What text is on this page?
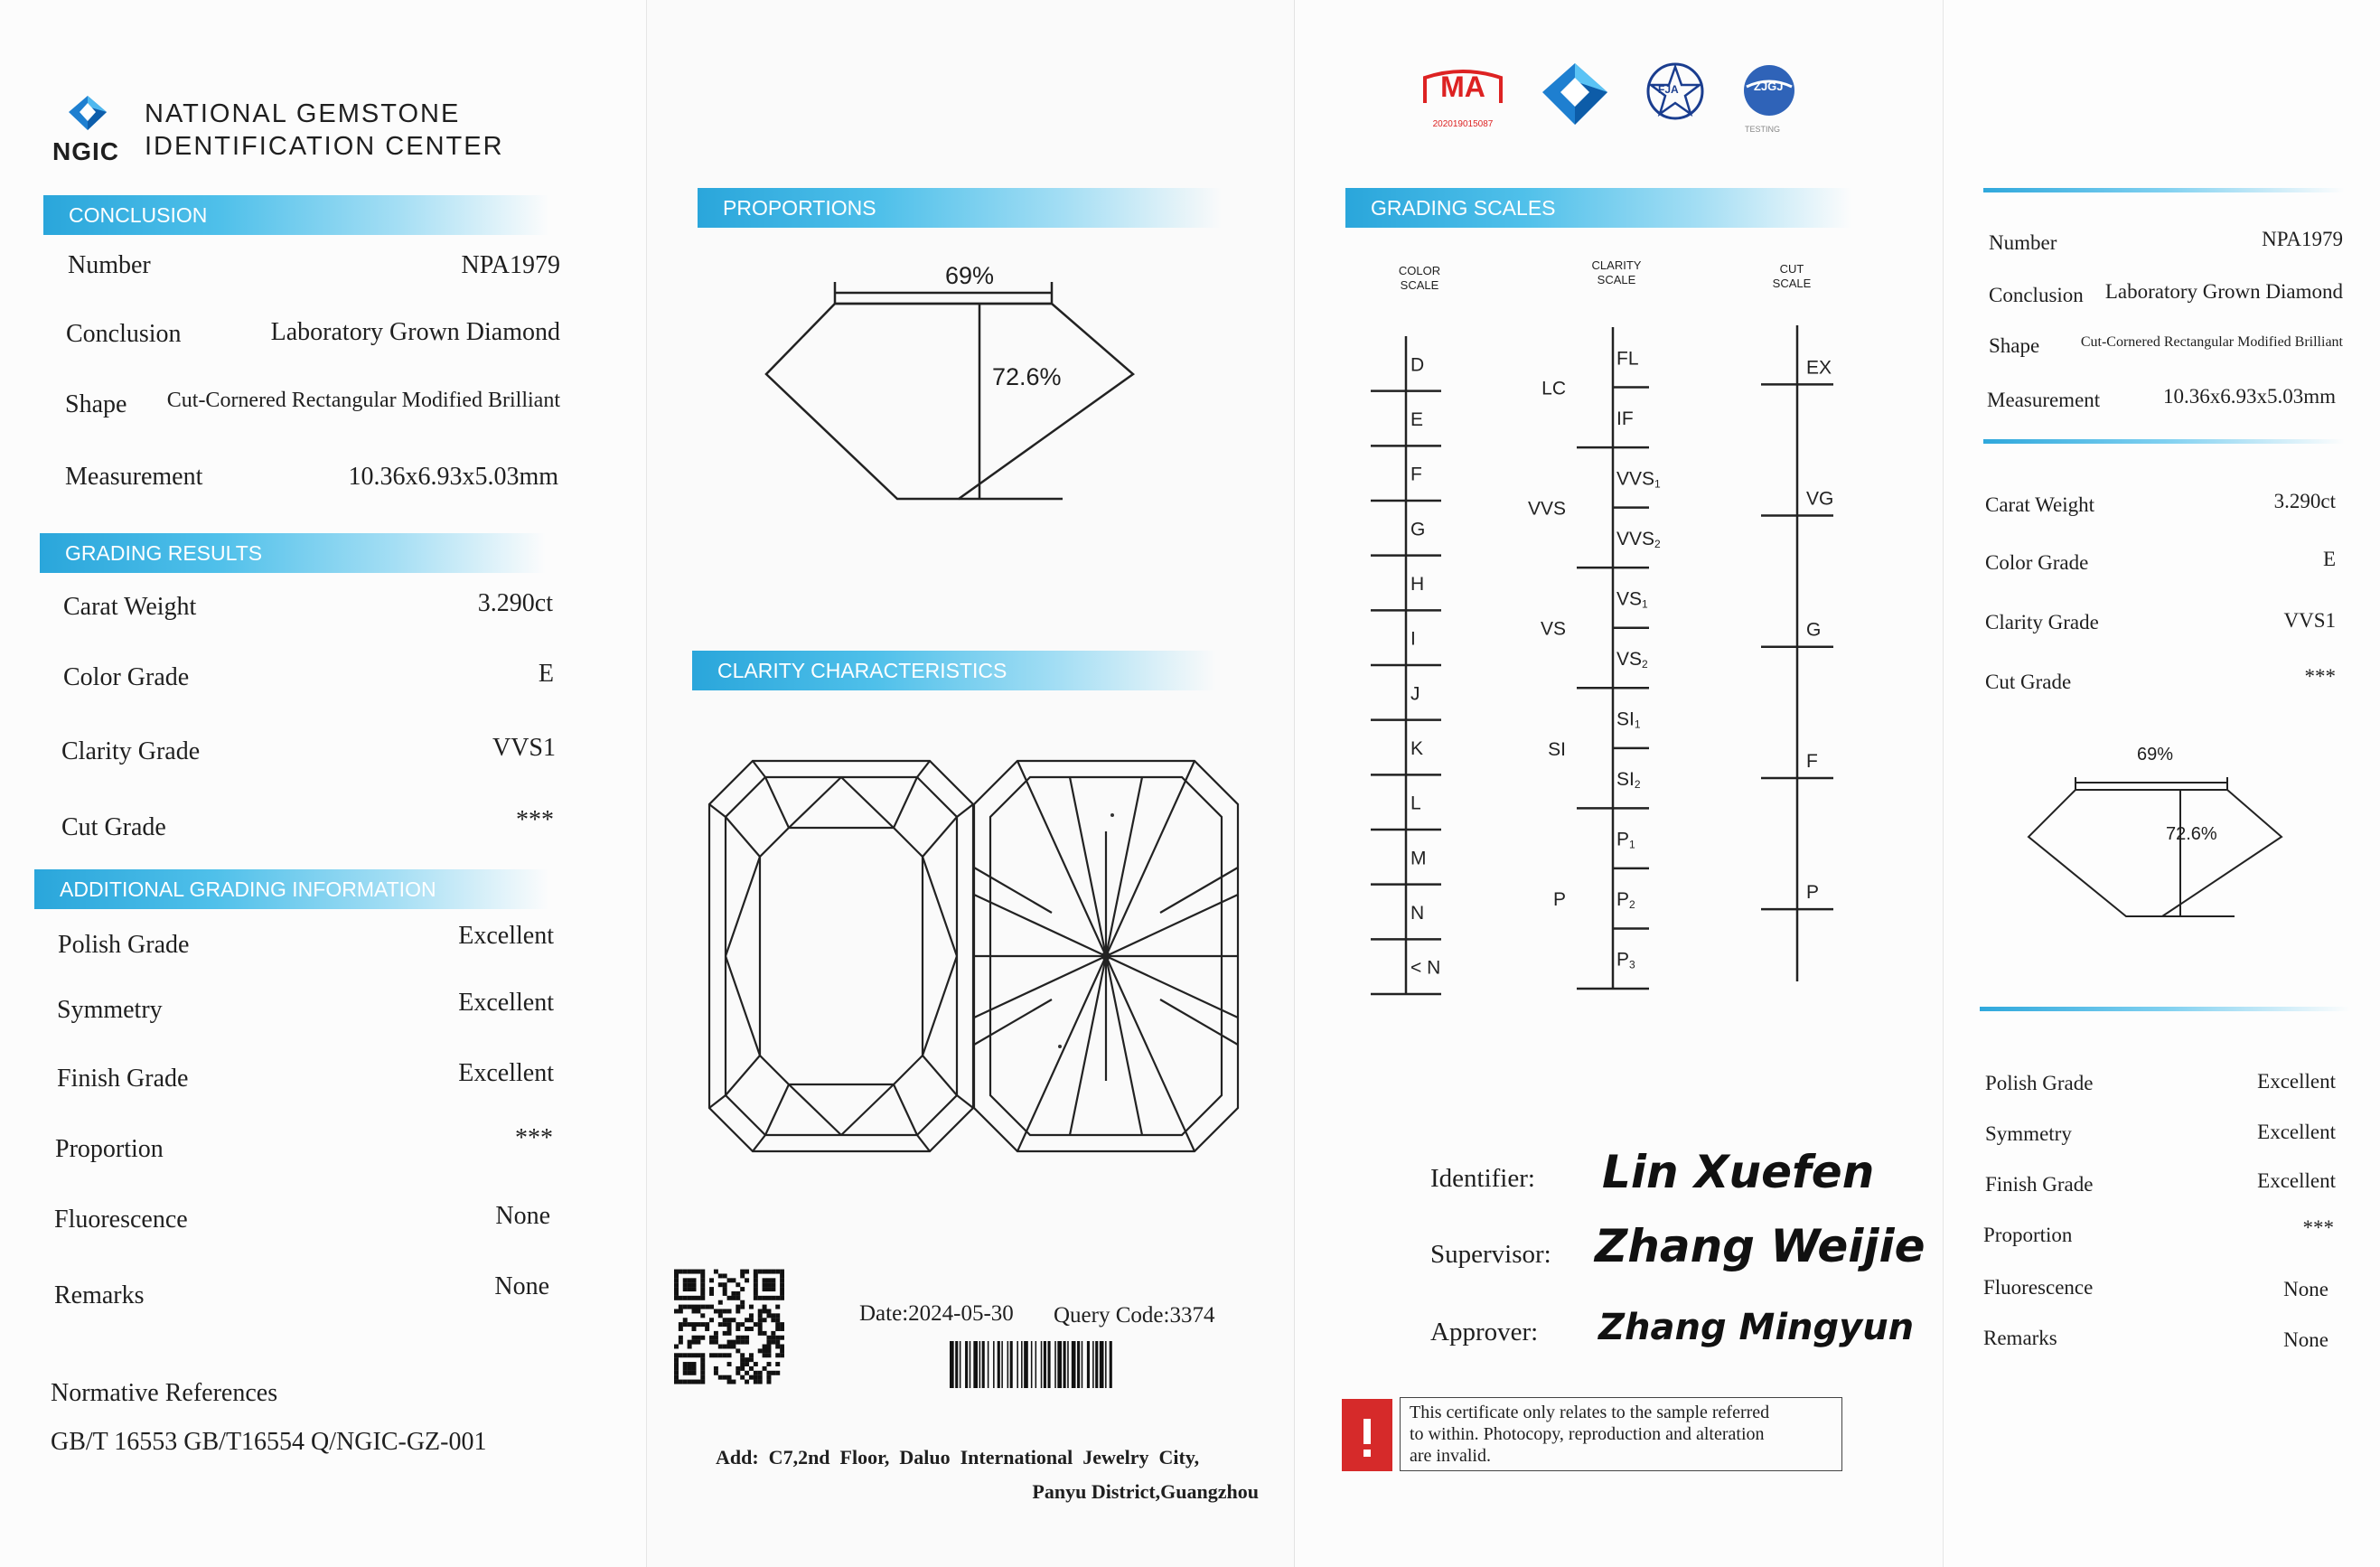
NGIC
NATIONAL GEMSTONE
IDENTIFICATION CENTER
CONCLUSION
Number	NPA1979
Conclusion	Laboratory Grown Diamond
Shape Cut-Cornered Rectangular Modified Brilliant
Measurement	10.36x6.93x5.03mm
GRADING RESULTS
Carat Weight	3.290ct
Color Grade	E
Clarity Grade	VVS1
Cut Grade	***
ADDITIONAL GRADING INFORMATION
Polish Grade	Excellent
Symmetry	Excellent
Finish Grade	Excellent
Proportion	***
Fluorescence	None
Remarks	None
Normative References
GB/T 16553 GB/T16554 Q/NGIC-GZ-001
PROPORTIONS
69%
72.6%
CLARITY CHARACTERISTICS
Date:2024-05-30 Query Code:3374
Add:  C7,2nd  Floor,  Daluo  International  Jewelry  City,
Panyu District,Guangzhou
MA
202019015087
FJA	ZJGJ
TESTING
GRADING SCALES
COLOR
SCALE
CLARITY
SCALE
CUT
SCALE
D
E
F
G
H
I
J
K
L
M
N
< N
FL
IF
VVS1
VVS2
VS1
VS2
SI1
SI2
P1
P2
P3
LC
VVS
VS
SI
P
EX
VG
G
F
P
Identifier: Lin Xuefen
Supervisor: Zhang Weijie
Approver: Zhang Mingyun
This certificate only relates to the sample referred
to within. Photocopy, reproduction and alteration
are invalid.
Number	NPA1979
Conclusion Laboratory Grown Diamond
Shape	Cut-Cornered Rectangular Modified Brilliant
Measurement	10.36x6.93x5.03mm
Carat Weight	3.290ct
Color Grade	E
Clarity Grade	VVS1
Cut Grade	***
69%
72.6%
Polish Grade	Excellent
Symmetry	Excellent
Finish Grade	Excellent
Proportion	***
Fluorescence	None
Remarks	None
